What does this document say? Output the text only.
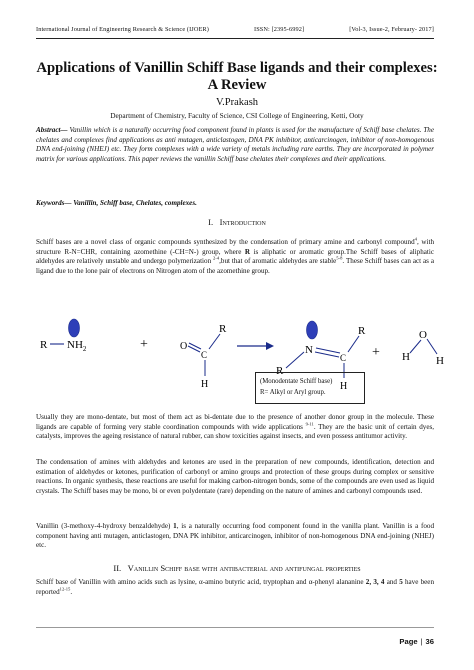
International Journal of Engineering Research & Science (IJOER)	ISSN: [2395-6992]	[Vol-3, Issue-2, February- 2017]
Applications of Vanillin Schiff Base ligands and their complexes:
A Review
V.Prakash
Department of Chemistry, Faculty of Science, CSI College of Engineering, Ketti, Ooty
Abstract— Vanillin which is a naturally occurring food component found in plants is used for the manufacture of Schiff base chelates. The chelates and complexes find applications as anti mutagen, anticlastogen, DNA PK inhibitor, anticarcinogen, inhibitor of non-homogenous DNA end-joining (NHEJ) etc. They form complexes with a wide variety of metals including rare earths. They are incorporated in polymer matrix for various applications. This paper reviews the vanillin Schiff base chelates their complexes and their applications.
Keywords— Vanillin, Schiff base, Chelates, complexes.
I. Introduction
Schiff bases are a novel class of organic compounds synthesized by the condensation of primary amine and carbonyl compound$^4$, with structure R-N=CHR, containing azomethine (-CH=N-) group, where R is aliphatic or aromatic group.The Schiff bases of aliphatic aldehydes are relatively unstable and undergo polymerization $^{2-4}$,but that of aromatic aldehydes are stable$^{5-8}$. These Schiff bases can act as a ligand due to the lone pair of electrons on Nitrogen atom of the azomethine group.
R $NH_2$	+	O
C
R
H
R
N
C
R
H
+ H
O
H
(Monodentate Schiff base)
R= Alkyl or Aryl group.
Usually they are mono-dentate, but most of them act as bi-dentate due to the presence of another donor group in the molecule. These ligands are capable of forming very stable coordination compounds with wide applications $^{9-11}$. They are the basic unit of certain dyes, catalysts, improves the ageing resistance of natural rubber, can show toxicities against insects, and even possess antitumor activity.
The condensation of amines with aldehydes and ketones are used in the preparation of new compounds, identification, detection and estimation of aldehydes or ketones, purification of carbonyl or amino groups and protection of these groups during complex or sensitive reactions. In organic synthesis, these reactions are useful for making carbon-nitrogen bonds, some of the compounds are even used as liquid crystals. The Schiff bases may be mono, bi or even polydentate (rare) depending on the nature of amines and carbonyl compounds used.
Vanillin (3-methoxy-4-hydroxy benzaldehyde) 1, is a naturally occurring food component found in the vanilla plant. Vanillin is a food component having anti mutagen, anticlastogen, DNA PK inhibitor, anticarcinogen, inhibitor of non-homogenous DNA end-joining (NHEJ) etc.
II. Vanillin Schiff base with antibacterial and antifungal properties
Schiff base of Vanillin with amino acids such as lysine, α-amino butyric acid, tryptophan and α-phenyl alananine 2, 3, 4 and 5 have been reported$^{12-15}$.
Page | 36
